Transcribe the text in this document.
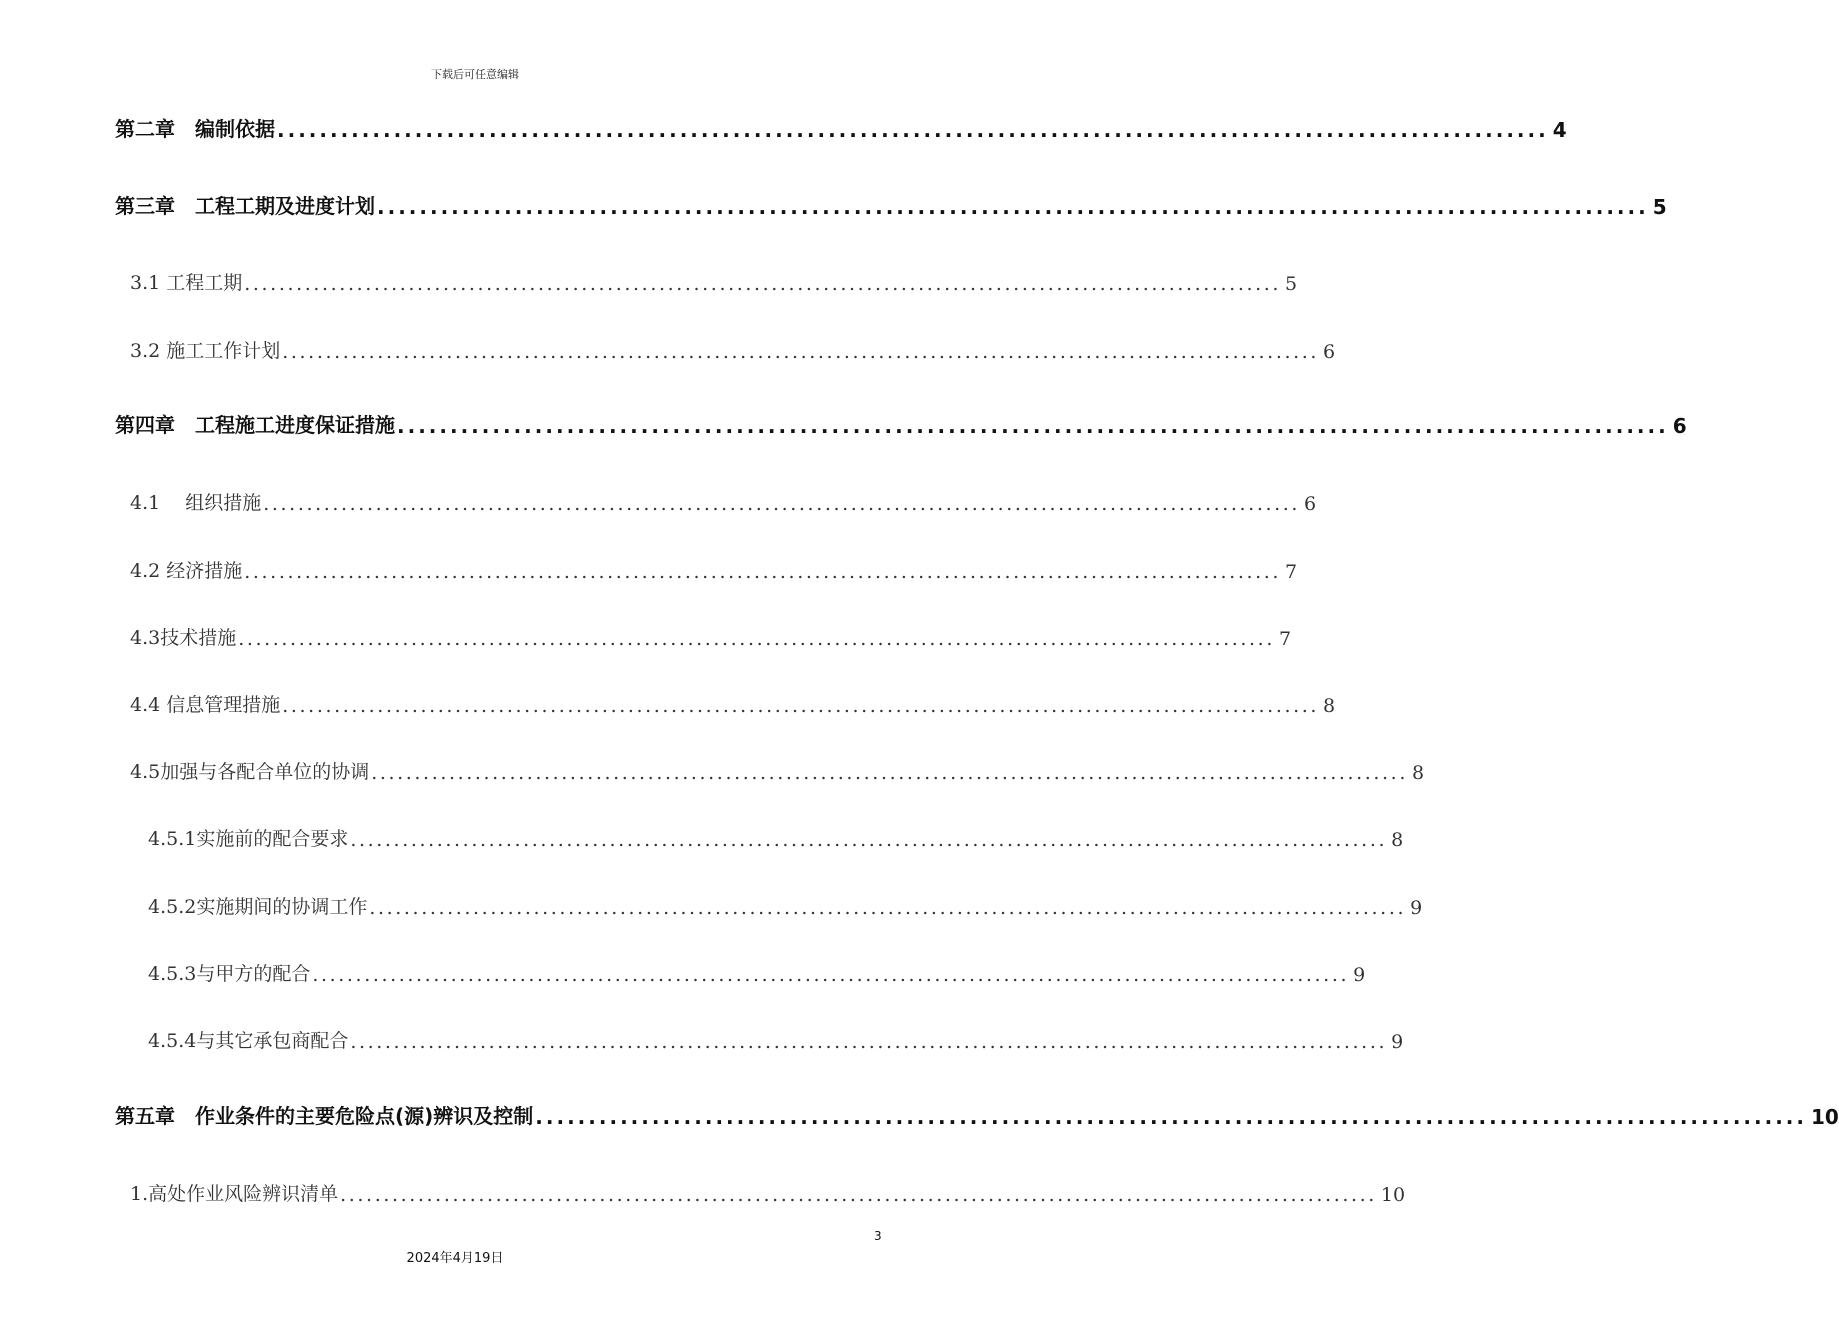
下载后可任意编辑
第二章　编制依据 ........................................................................................................................ 4
第三章　工程工期及进度计划 ........................................................................................................................ 5
3.1 工程工期 ........................................................................................................................ 5
3.2 施工工作计划 ........................................................................................................................ 6
第四章　工程施工进度保证措施 ........................................................................................................................ 6
4.1　 组织措施 ........................................................................................................................ 6
4.2 经济措施 ........................................................................................................................ 7
4.3技术措施 ........................................................................................................................ 7
4.4 信息管理措施 ........................................................................................................................ 8
4.5加强与各配合单位的协调 ........................................................................................................................ 8
4.5.1实施前的配合要求 ........................................................................................................................ 8
4.5.2实施期间的协调工作 ........................................................................................................................ 9
4.5.3与甲方的配合 ........................................................................................................................ 9
4.5.4与其它承包商配合 ........................................................................................................................ 9
第五章　作业条件的主要危险点(源)辨识及控制 ........................................................................................................................ 10
1.高处作业风险辨识清单 ........................................................................................................................ 10
3
2024年4月19日
